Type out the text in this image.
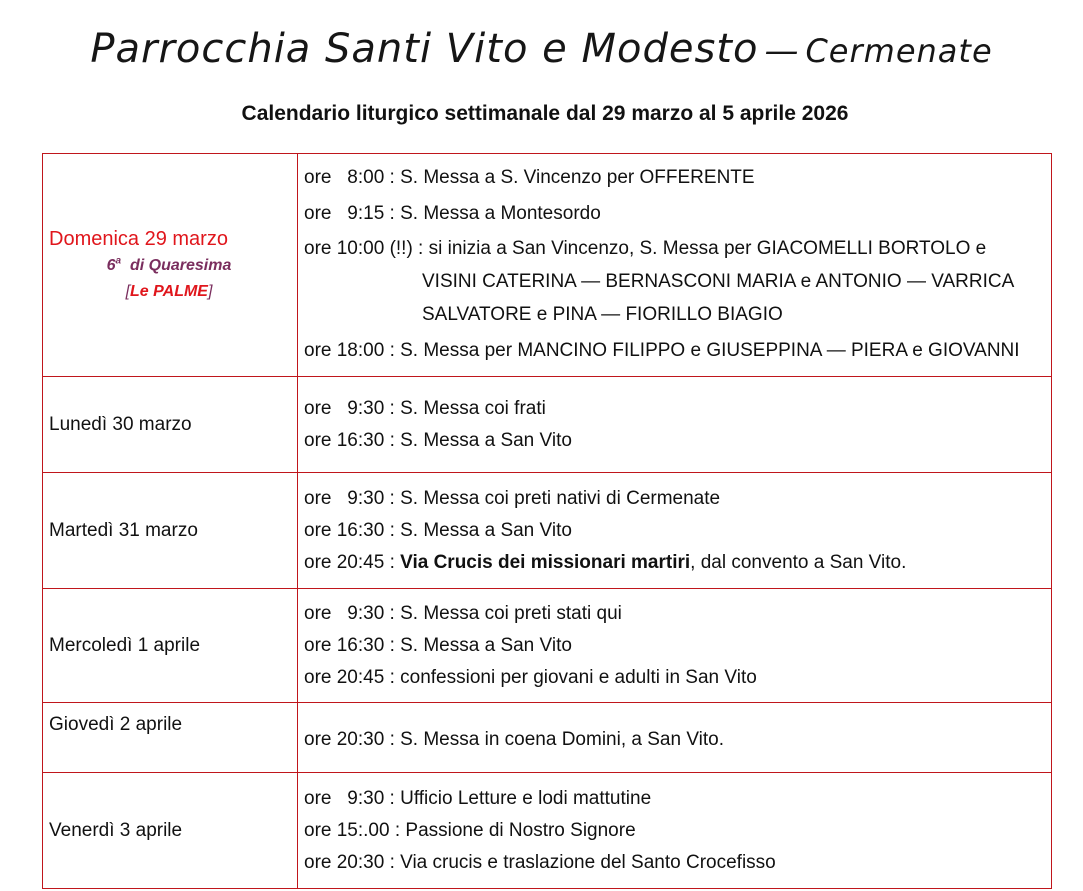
Parrocchia Santi Vito e Modesto — Cermenate
Calendario liturgico settimanale dal 29 marzo al 5 aprile 2026
Domenica 29 marzo
6$^a$ di Quaresima
[Le PALME]

ore   8:00 : S. Messa a S. Vincenzo per OFFERENTE
ore   9:15 : S. Messa a Montesordo
ore 10:00 (!!) : si inizia a San Vincenzo, S. Messa per GIACOMELLI BORTOLO e
VISINI CATERINA — BERNASCONI MARIA e ANTONIO — VARRICA
SALVATORE e PINA — FIORILLO BIAGIO
ore 18:00 : S. Messa per MANCINO FILIPPO e GIUSEPPINA — PIERA e GIOVANNI

Lunedì 30 marzo	ore   9:30 : S. Messa coi frati
ore 16:30 : S. Messa a San Vito

Martedì 31 marzo	ore   9:30 : S. Messa coi preti nativi di Cermenate
ore 16:30 : S. Messa a San Vito
ore 20:45 : Via Crucis dei missionari martiri, dal convento a San Vito.

Mercoledì 1 aprile	ore   9:30 : S. Messa coi preti stati qui
ore 16:30 : S. Messa a San Vito
ore 20:45 : confessioni per giovani e adulti in San Vito

Giovedì 2 aprile	ore 20:30 : S. Messa in coena Domini, a San Vito.

Venerdì 3 aprile	ore   9:30 : Ufficio Letture e lodi mattutine
ore 15:.00 : Passione di Nostro Signore
ore 20:30 : Via crucis e traslazione del Santo Crocefisso
